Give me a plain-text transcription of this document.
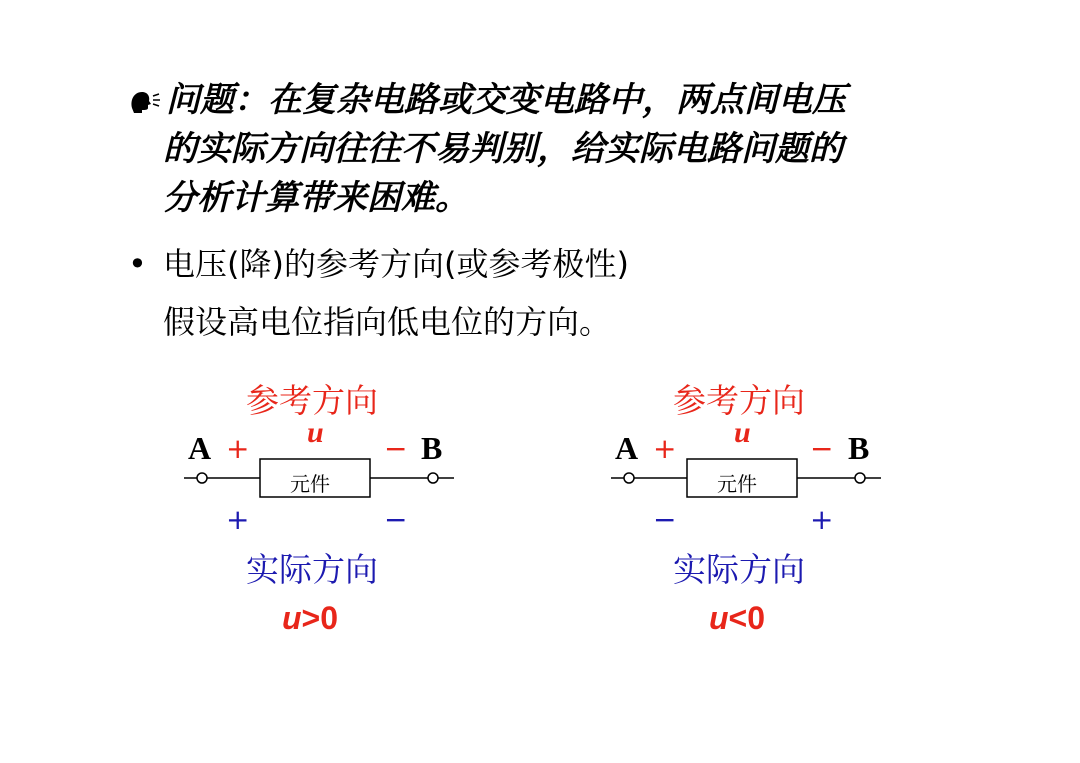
问题：在复杂电路或交变电路中，两点间电压
的实际方向往往不易判别，给实际电路问题的
分析计算带来困难。
• 电压(降)的参考方向(或参考极性)
假设高电位指向低电位的方向。
参考方向
A + u − B
元件
+	−
实际方向
u>0
参考方向
A + u − B
元件
−	+
实际方向
u<0
